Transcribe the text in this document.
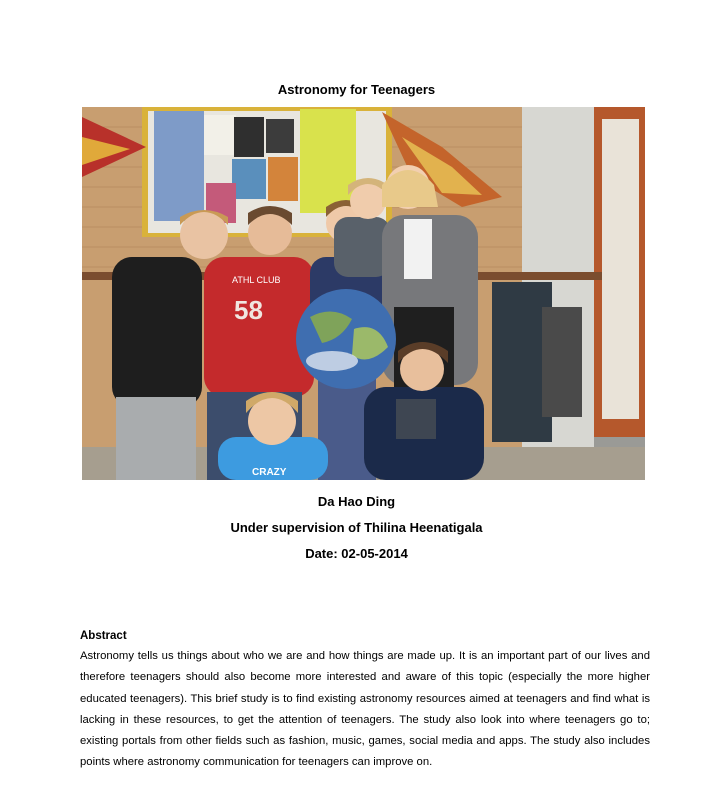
Astronomy for Teenagers
ATHL CLUB
58
CRAZY

Da Hao Ding

Under supervision of Thilina Heenatigala

Date: 02-05-2014

Abstract

Astronomy tells us things about who we are and how things are made up. It is an important part of our lives and therefore teenagers should also become more interested and aware of this topic (especially the more higher educated teenagers). This brief study is to find existing astronomy resources aimed at teenagers and find what is lacking in these resources, to get the attention of teenagers. The study also look into where teenagers go to; existing portals from other fields such as fashion, music, games, social media and apps. The study also includes points where astronomy communication for teenagers can improve on.
